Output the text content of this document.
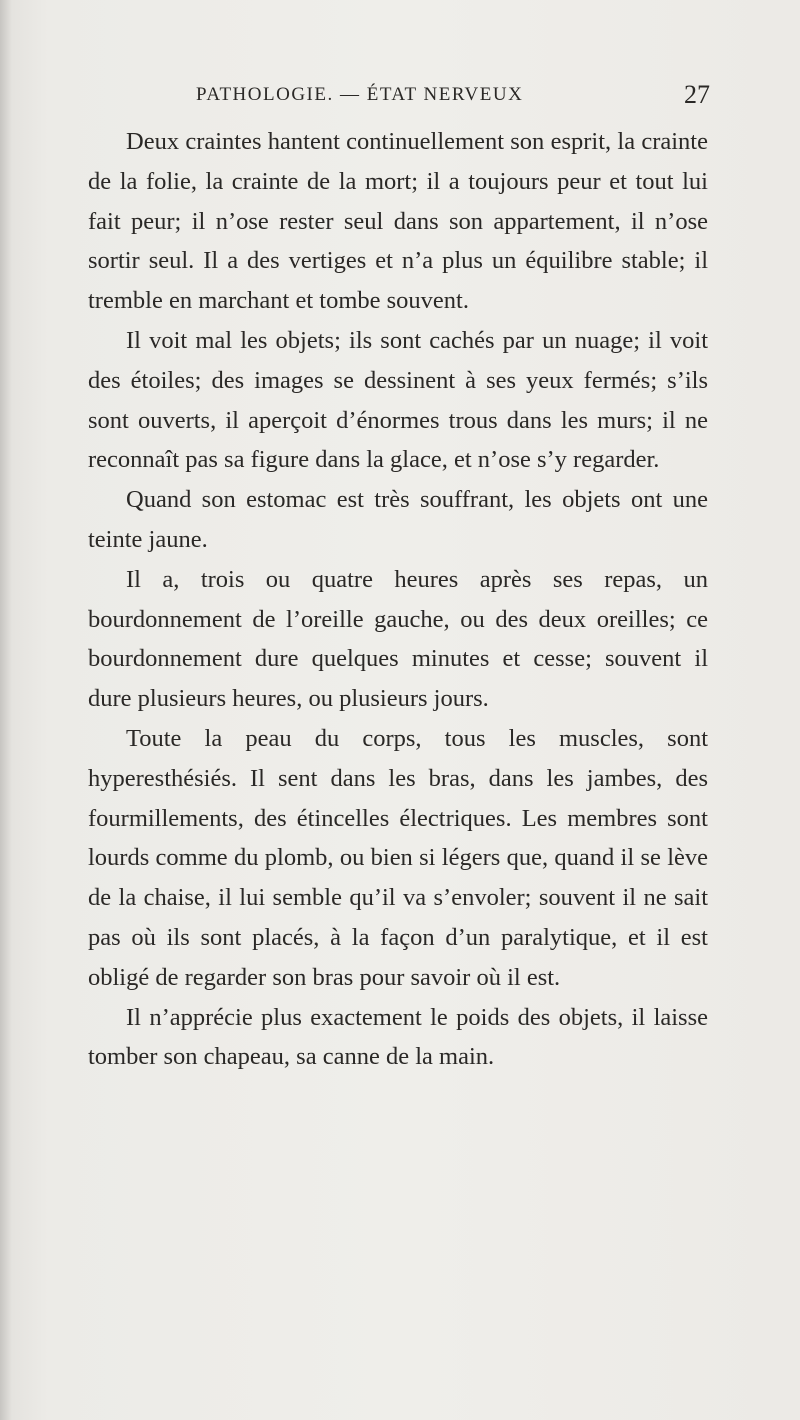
PATHOLOGIE. — ÉTAT NERVEUX	27

Deux craintes hantent continuellement son esprit, la crainte de la folie, la crainte de la mort; il a toujours peur et tout lui fait peur; il n’ose rester seul dans son appartement, il n’ose sortir seul. Il a des vertiges et n’a plus un équilibre stable; il tremble en marchant et tombe souvent.

Il voit mal les objets; ils sont cachés par un nuage; il voit des étoiles; des images se dessinent à ses yeux fermés; s’ils sont ouverts, il aperçoit d’énormes trous dans les murs; il ne reconnaît pas sa figure dans la glace, et n’ose s’y regarder.

Quand son estomac est très souffrant, les objets ont une teinte jaune.

Il a, trois ou quatre heures après ses repas, un bourdonnement de l’oreille gauche, ou des deux oreilles; ce bourdonnement dure quelques minutes et cesse; souvent il dure plusieurs heures, ou plusieurs jours.

Toute la peau du corps, tous les muscles, sont hyperesthésiés. Il sent dans les bras, dans les jambes, des fourmillements, des étincelles électriques. Les membres sont lourds comme du plomb, ou bien si légers que, quand il se lève de la chaise, il lui semble qu’il va s’envoler; souvent il ne sait pas où ils sont placés, à la façon d’un paralytique, et il est obligé de regarder son bras pour savoir où il est.

Il n’apprécie plus exactement le poids des objets, il laisse tomber son chapeau, sa canne de la main.
